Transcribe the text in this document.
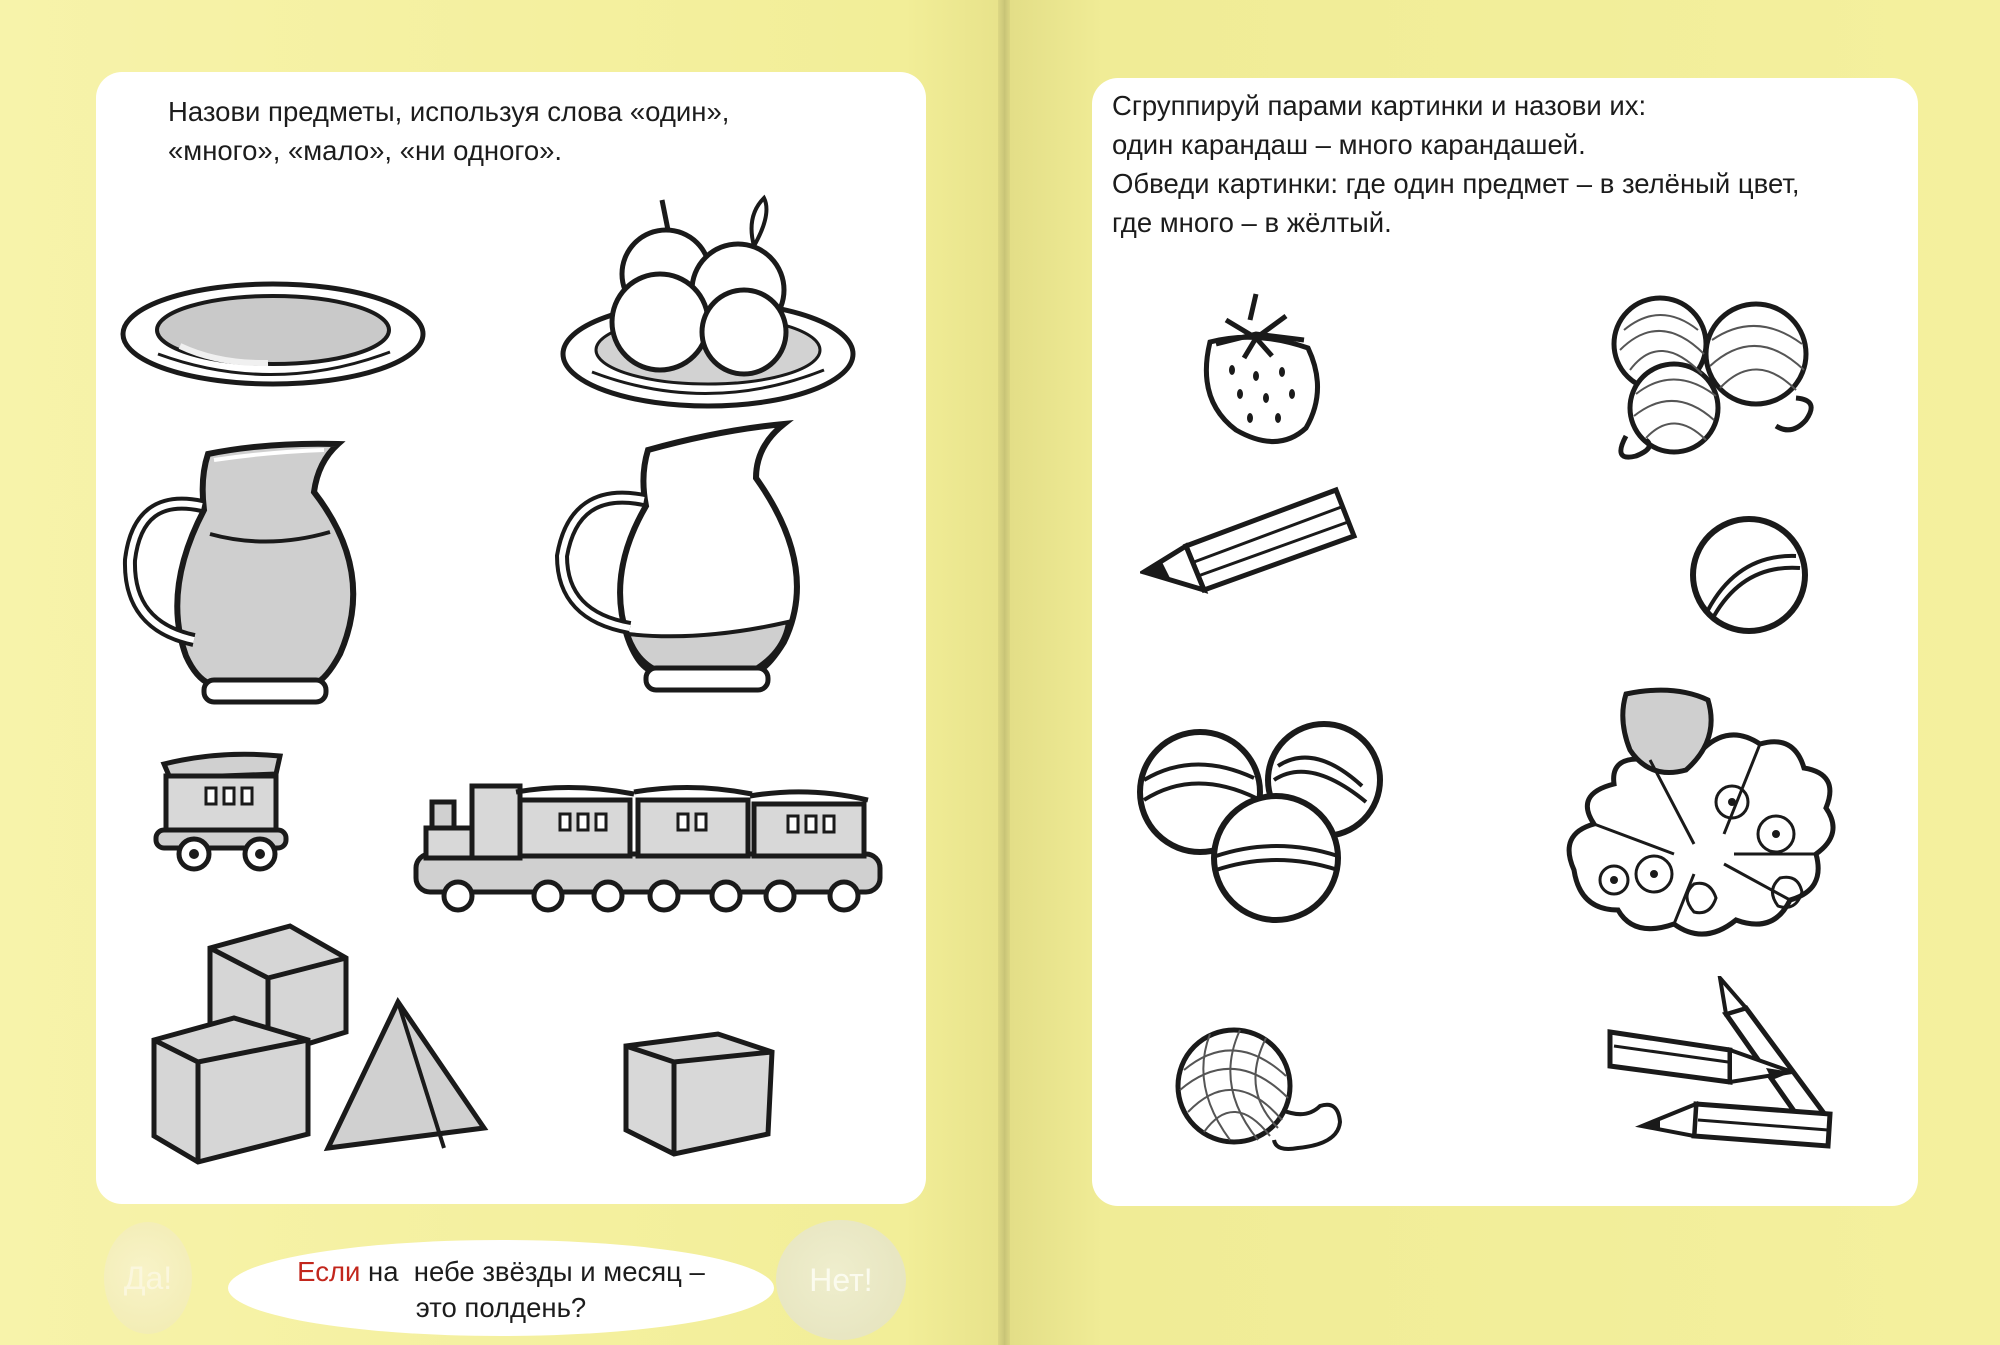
Назови предметы, используя слова «один»,
«много», «мало», «ни одного».

Сгруппируй парами картинки и назови их:
один карандаш – много карандашей.
Обведи картинки: где один предмет – в зелёный цвет,
где много – в жёлтый.

Да!	Если на  небе звёзды и месяц –
это полдень?
Нет!
